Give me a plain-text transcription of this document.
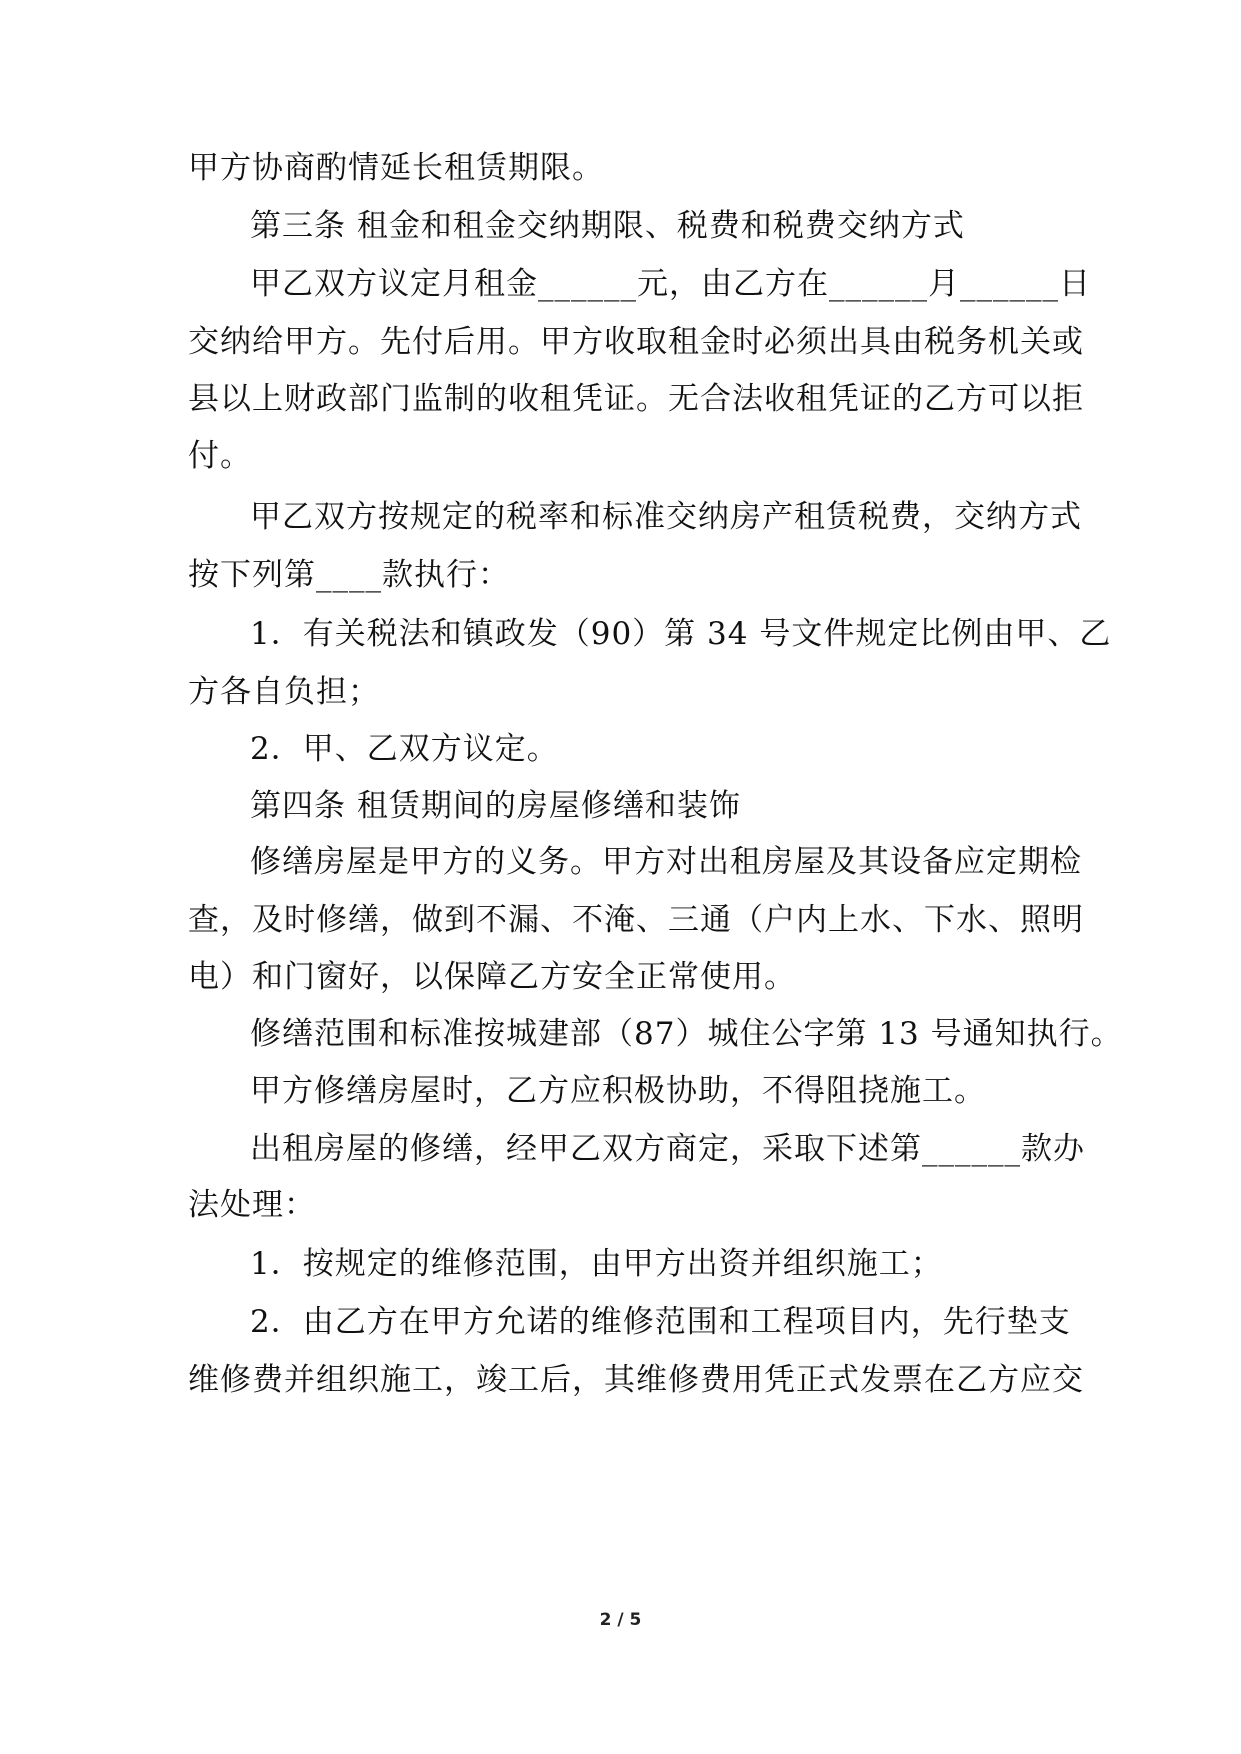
甲方协商酌情延长租赁期限。
第三条 租金和租金交纳期限、税费和税费交纳方式
甲乙双方议定月租金______元，由乙方在______月______日
交纳给甲方。先付后用。甲方收取租金时必须出具由税务机关或
县以上财政部门监制的收租凭证。无合法收租凭证的乙方可以拒
付。
甲乙双方按规定的税率和标准交纳房产租赁税费，交纳方式
按下列第____款执行：
1．有关税法和镇政发（90）第 34 号文件规定比例由甲、乙
方各自负担；
2．甲、乙双方议定。
第四条 租赁期间的房屋修缮和装饰
修缮房屋是甲方的义务。甲方对出租房屋及其设备应定期检
查，及时修缮，做到不漏、不淹、三通（户内上水、下水、照明
电）和门窗好，以保障乙方安全正常使用。
修缮范围和标准按城建部（87）城住公字第 13 号通知执行。
甲方修缮房屋时，乙方应积极协助，不得阻挠施工。
出租房屋的修缮，经甲乙双方商定，采取下述第______款办
法处理：
1．按规定的维修范围，由甲方出资并组织施工；
2．由乙方在甲方允诺的维修范围和工程项目内，先行垫支
维修费并组织施工，竣工后，其维修费用凭正式发票在乙方应交
2 / 5
